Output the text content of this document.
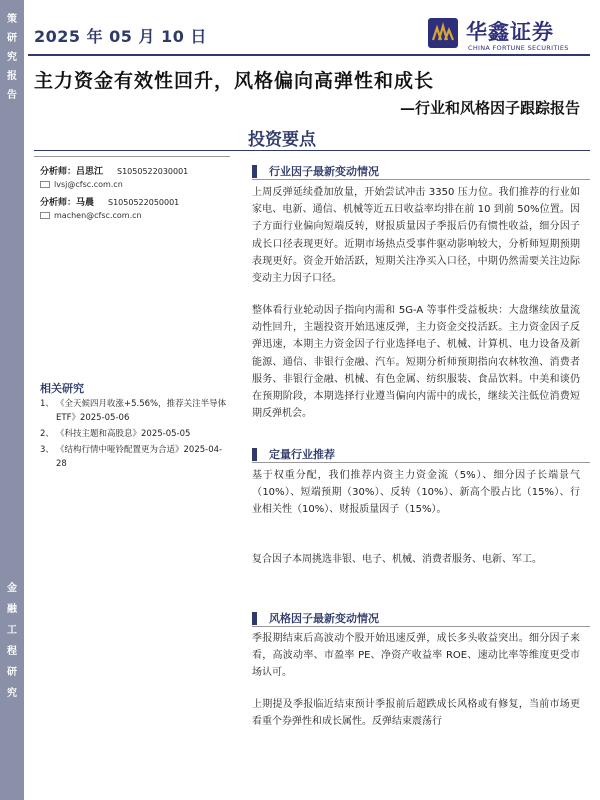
策
研
究
报
告
金
融
工
程
研
究
2025 年 05 月 10 日	华鑫证券
CHINA FORTUNE SECURITIES
主力资金有效性回升，风格偏向高弹性和成长
—行业和风格因子跟踪报告
投资要点
分析师：吕思江 S1050522030001
lvsj@cfsc.com.cn
分析师：马晨 S1050522050001
machen@cfsc.com.cn
相关研究
1、 《全天候四月收涨+5.56%，推荐关注半导体 ETF》2025-05-06
2、 《科技主题和高股息》2025-05-05
3、 《结构行情中哑铃配置更为合适》2025-04-28
行业因子最新变动情况
上周反弹延续叠加放量，开始尝试冲击 3350 压力位。我们推荐的行业如家电、电新、通信、机械等近五日收益率均排在前 10 到前 50%位置。因子方面行业偏向短端反转，财报质量因子季报后仍有惯性收益，细分因子成长口径表现更好。近期市场热点受事件驱动影响较大，分析师短期预期表现更好。资金开始活跃，短期关注净买入口径，中期仍然需要关注边际变动主力因子口径。
整体看行业轮动因子指向内需和 5G-A 等事件受益板块：大盘继续放量流动性回升，主题投资开始迅速反弹，主力资金交投活跃。主力资金因子反弹迅速，本期主力资金因子行业选择电子、机械、计算机、电力设备及新能源、通信、非银行金融、汽车。短期分析师预期指向农林牧渔、消费者服务、非银行金融、机械、有色金属、纺织服装、食品饮料。中美和谈仍在预期阶段，本期选择行业遵当偏向内需中的成长，继续关注低位消费短期反弹机会。
定量行业推荐
基于权重分配，我们推荐内资主力资金流（5%）、细分因子长端景气（10%）、短端预期（30%）、反转（10%）、新高个股占比（15%）、行业相关性（10%）、财报质量因子（15%）。
复合因子本周挑选非银、电子、机械、消费者服务、电新、军工。
风格因子最新变动情况
季报期结束后高波动个股开始迅速反弹，成长多头收益突出。细分因子来看，高波动率、市盈率 PE、净资产收益率 ROE、速动比率等维度更受市场认可。
上期提及季报临近结束预计季报前后超跌成长风格或有修复，当前市场更看重个券弹性和成长属性。反弹结束震荡行
